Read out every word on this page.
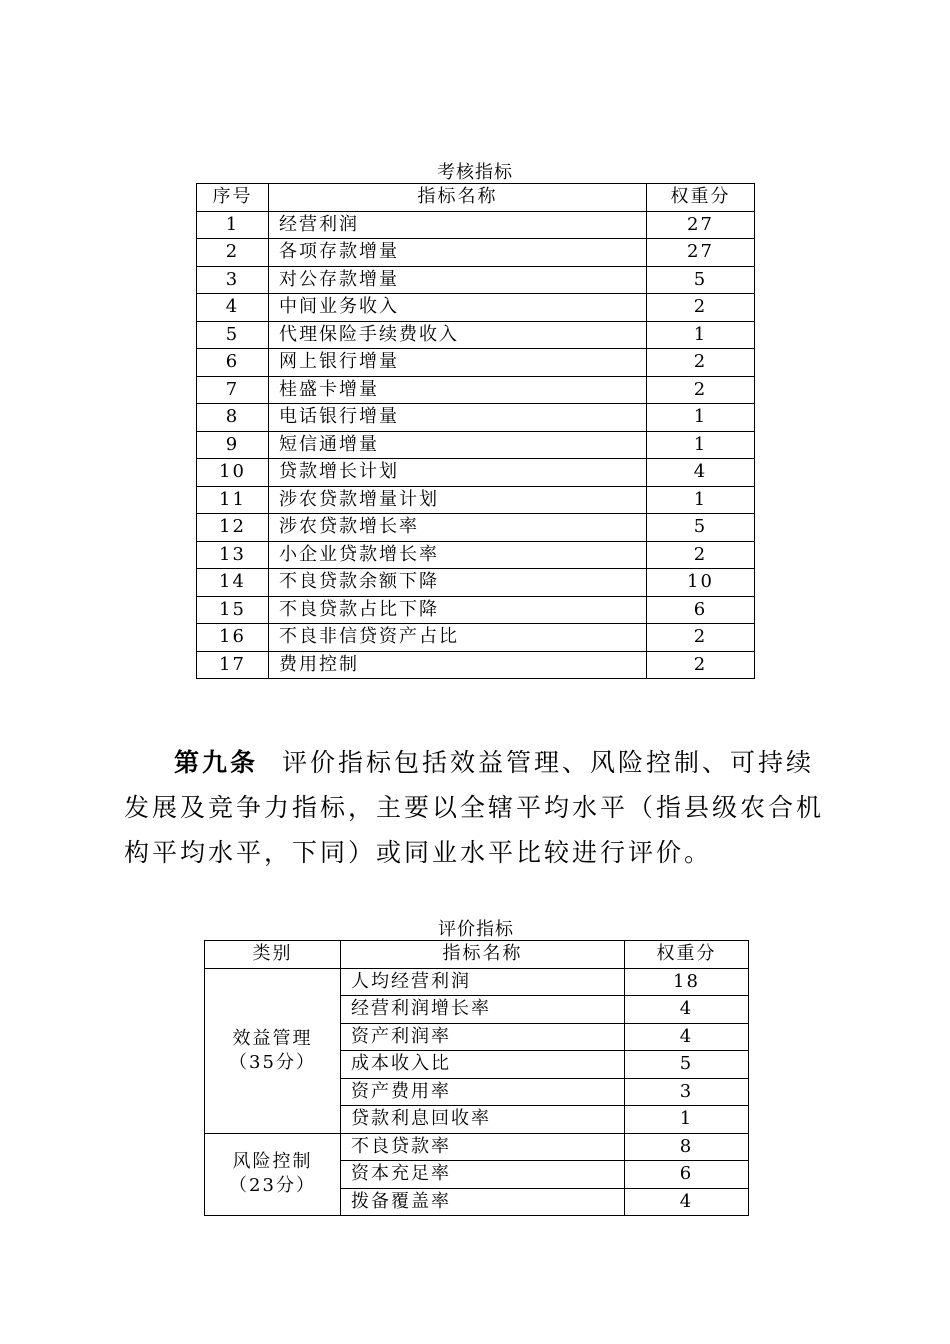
考核指标
序号	指标名称	权重分
1	经营利润	27
2	各项存款增量	27
3	对公存款增量	5
4	中间业务收入	2
5	代理保险手续费收入	1
6	网上银行增量	2
7	桂盛卡增量	2
8	电话银行增量	1
9	短信通增量	1
10	贷款增长计划	4
11	涉农贷款增量计划	1
12	涉农贷款增长率	5
13	小企业贷款增长率	2
14	不良贷款余额下降	10
15	不良贷款占比下降	6
16	不良非信贷资产占比	2
17	费用控制	2

第九条 评价指标包括效益管理、风险控制、可持续发展及竞争力指标，主要以全辖平均水平（指县级农合机构平均水平，下同）或同业水平比较进行评价。

评价指标
类别	指标名称	权重分

效益管理
（35分）	人均经营利润	18
	经营利润增长率	4
	资产利润率	4
	成本收入比	5
	资产费用率	3
	贷款利息回收率	1

风险控制
（23分）	不良贷款率	8
	资本充足率	6
	拨备覆盖率	4
